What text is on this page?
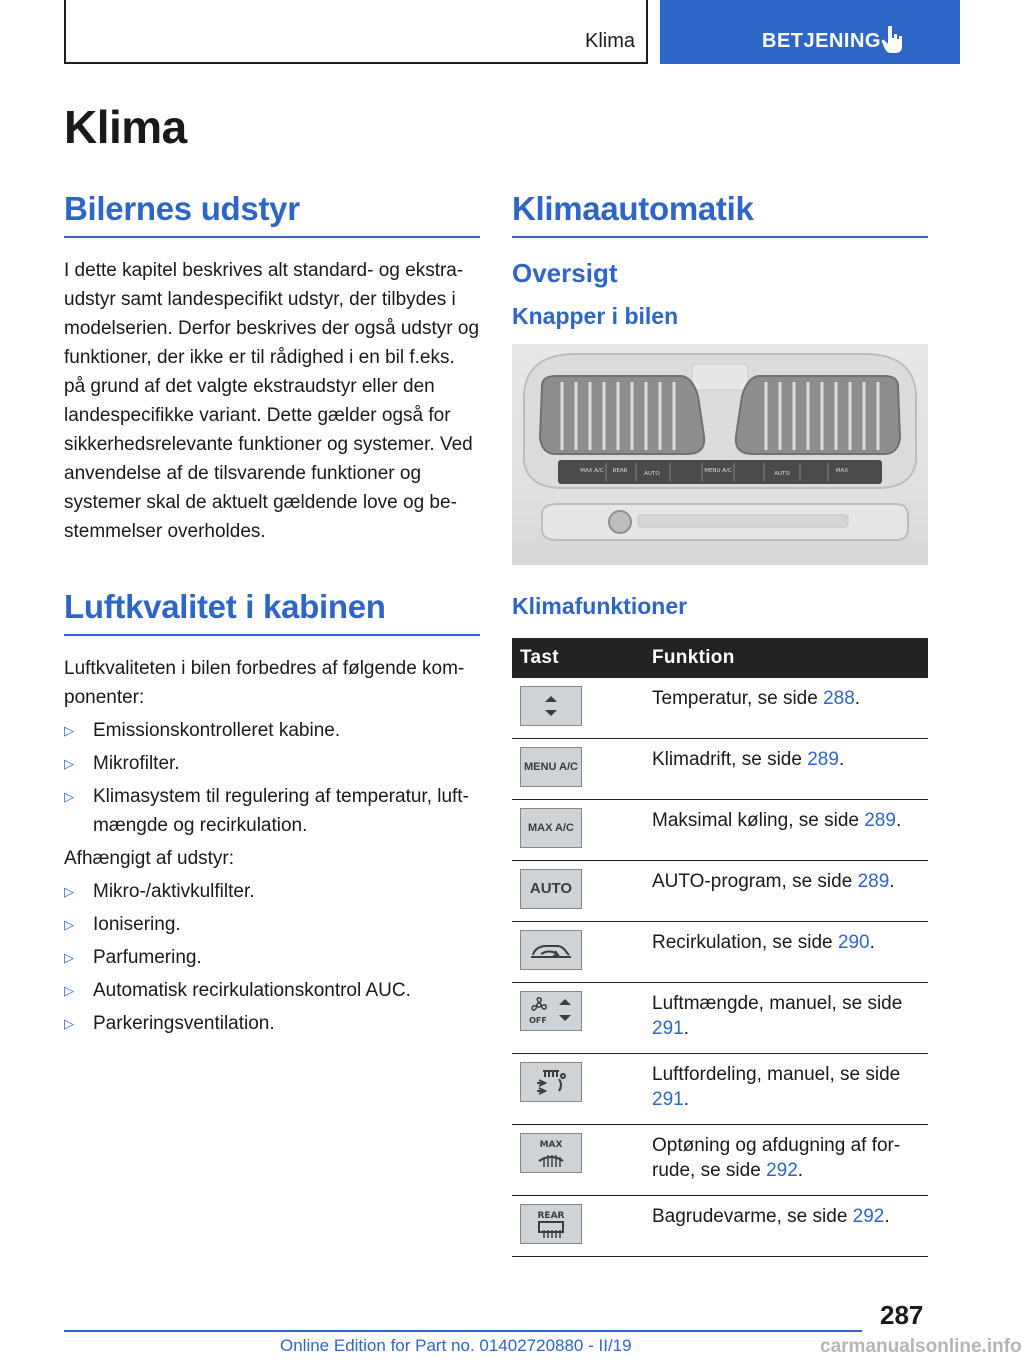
Klima	BETJENING
Klima
Bilernes udstyr

I dette kapitel beskrives alt standard- og ekstraudstyr samt landespecifikt udstyr, der tilbydes i modelserien. Derfor beskrives der også udstyr og funktioner, der ikke er til rådighed i en bil f.eks. på grund af det valgte ekstraudstyr eller den landespecifikke variant. Dette gælder også for sikkerhedsrelevante funktioner og systemer. Ved anvendelse af de tilsvarende funktioner og systemer skal de aktuelt gældende love og bestemmelser overholdes.

Luftkvalitet i kabinen

Luftkvaliteten i bilen forbedres af følgende komponenter:

▷ Emissionskontrolleret kabine.
▷ Mikrofilter.
▷ Klimasystem til regulering af temperatur, luftmængde og recirkulation.

Afhængigt af udstyr:

▷ Mikro-/aktivkulfilter.
▷ Ionisering.
▷ Parfumering.
▷ Automatisk recirkulationskontrol AUC.
▷ Parkeringsventilation.
Klimaautomatik
Oversigt
Knapper i bilen
MAX A/C REAR	AUTO	MENU A/C	AUTO	MAX
Klimafunktioner
Tast	Funktion

	Temperatur, se side 288.

MENU A/C	Klimadrift, se side 289.

MAX A/C	Maksimal køling, se side 289.

AUTO	AUTO-program, se side 289.

	Recirkulation, se side 290.

OFF	Luftmængde, manuel, se side 291.

	Luftfordeling, manuel, se side 291.

MAX	Optøning og afdugning af forrude, se side 292.

REAR	Bagrudevarme, se side 292.
287
Online Edition for Part no. 01402720880 - II/19	carmanualsonline.info
